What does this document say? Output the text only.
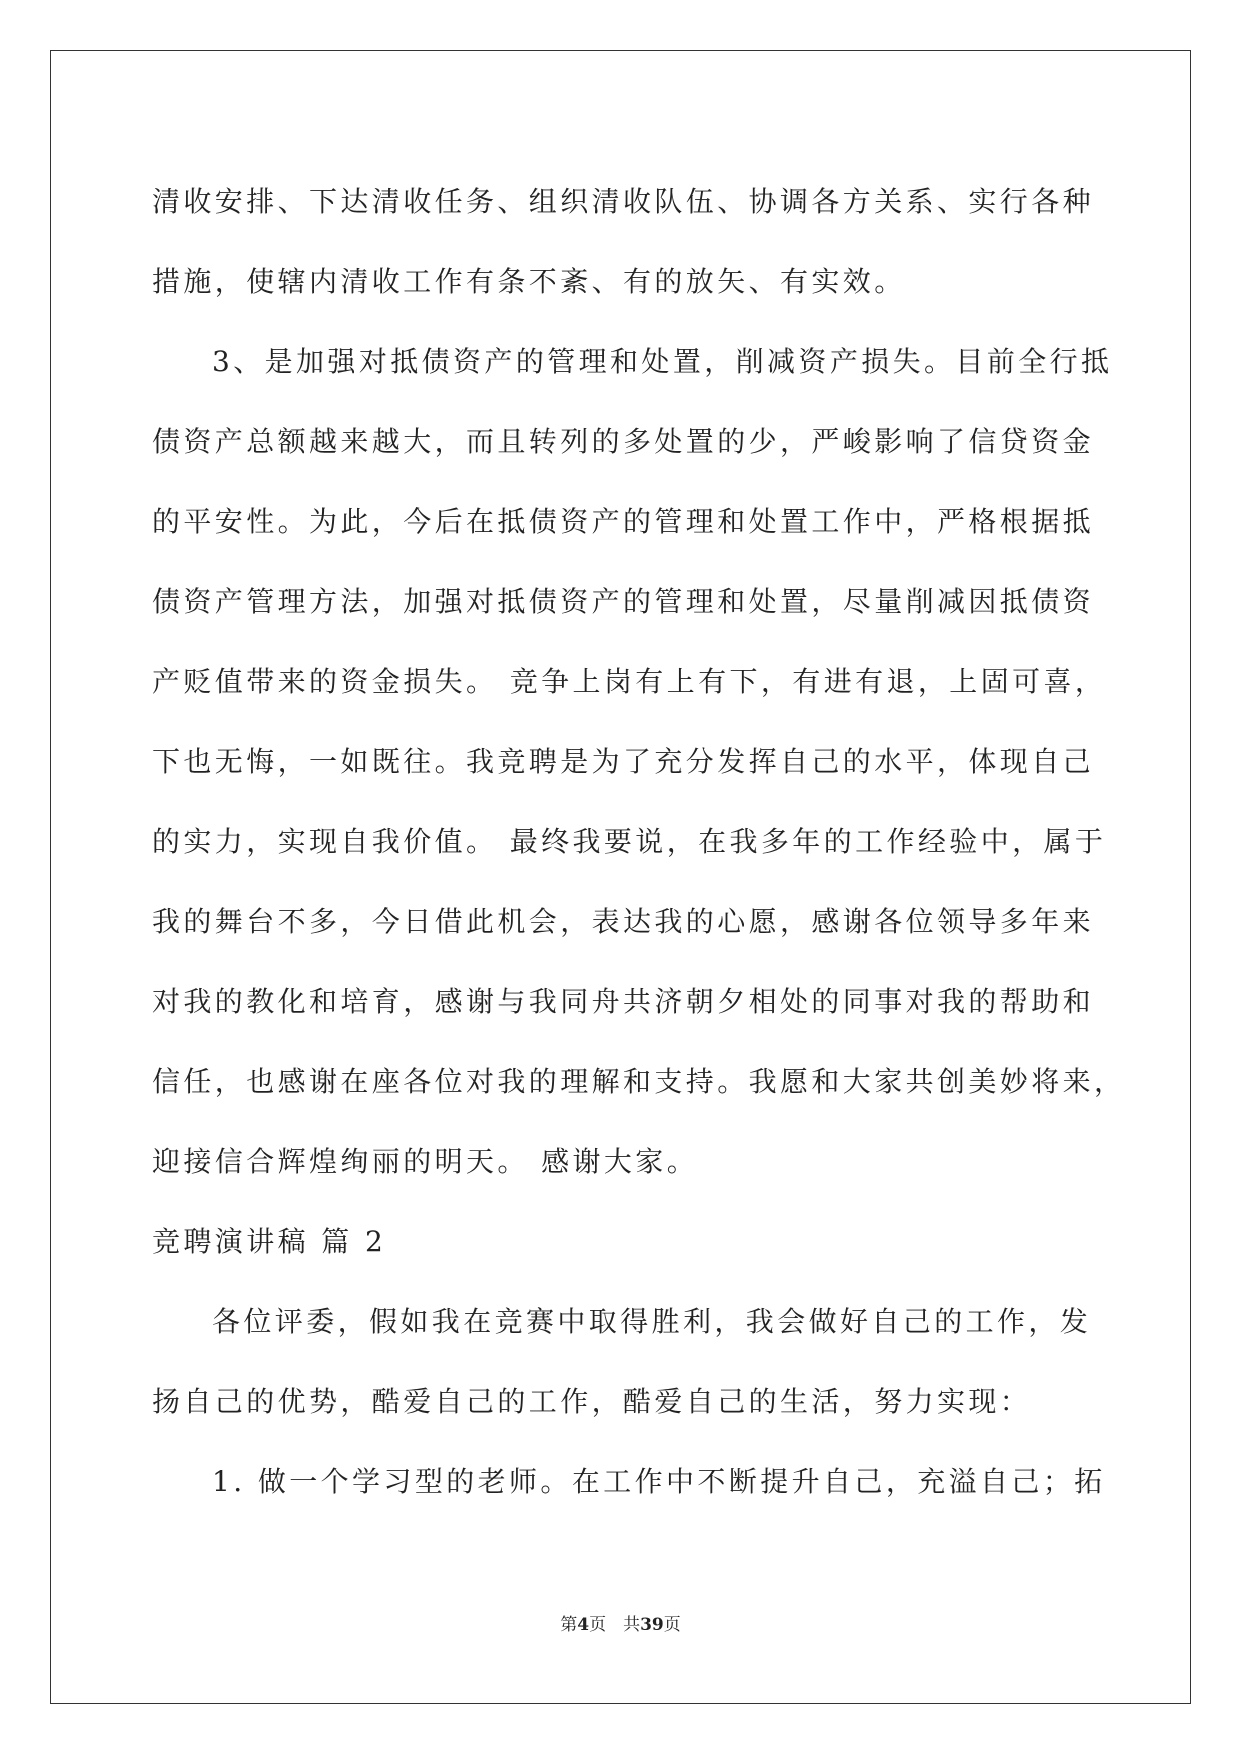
清收安排、下达清收任务、组织清收队伍、协调各方关系、实行各种
措施，使辖内清收工作有条不紊、有的放矢、有实效。
3、是加强对抵债资产的管理和处置，削减资产损失。目前全行抵
债资产总额越来越大，而且转列的多处置的少，严峻影响了信贷资金
的平安性。为此，今后在抵债资产的管理和处置工作中，严格根据抵
债资产管理方法，加强对抵债资产的管理和处置，尽量削减因抵债资
产贬值带来的资金损失。 竞争上岗有上有下，有进有退，上固可喜，
下也无悔，一如既往。我竞聘是为了充分发挥自己的水平，体现自己
的实力，实现自我价值。 最终我要说，在我多年的工作经验中，属于
我的舞台不多，今日借此机会，表达我的心愿，感谢各位领导多年来
对我的教化和培育，感谢与我同舟共济朝夕相处的同事对我的帮助和
信任，也感谢在座各位对我的理解和支持。我愿和大家共创美妙将来，
迎接信合辉煌绚丽的明天。 感谢大家。
竞聘演讲稿 篇 2
各位评委，假如我在竞赛中取得胜利，我会做好自己的工作，发
扬自己的优势，酷爱自己的工作，酷爱自己的生活，努力实现：
1. 做一个学习型的老师。在工作中不断提升自己，充溢自己；拓
第4页　共39页
